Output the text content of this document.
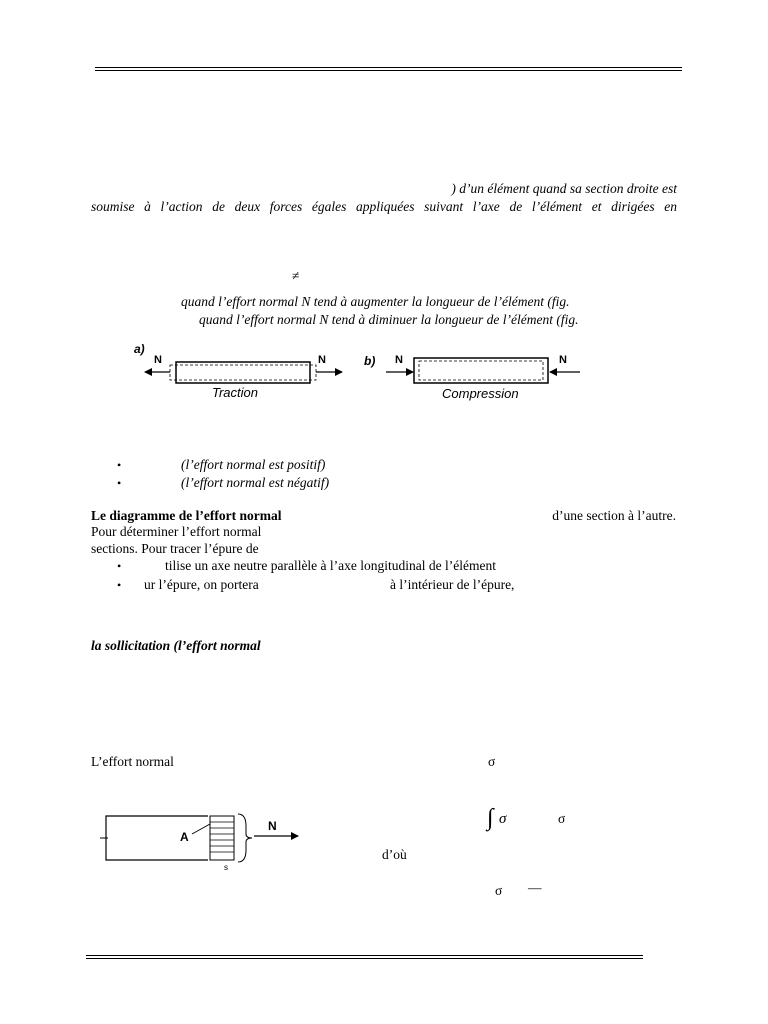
) d’un élément quand sa section droite est
soumise à l’action de deux forces égales appliquées suivant l’axe de l’élément et dirigées en
≠
quand l’effort normal N tend à augmenter la longueur de l’élément (fig.
quand l’effort normal N tend à diminuer la longueur de l’élément (fig.
a)
N	N
Traction
b) N	N
Compression
•	(l’effort normal est positif)
•	(l’effort normal est négatif)
Le diagramme de l’effort normal	d’une section à l’autre.
Pour déterminer l’effort normal
sections. Pour tracer l’épure de
•	tilise un axe neutre parallèle à l’axe longitudinal de l’élément
• ur l’épure, on portera	à l’intérieur de l’épure,
la sollicitation (l’effort normal
L’effort normal	σ
A
N
s
∫ σ	σ
d’où
σ —
